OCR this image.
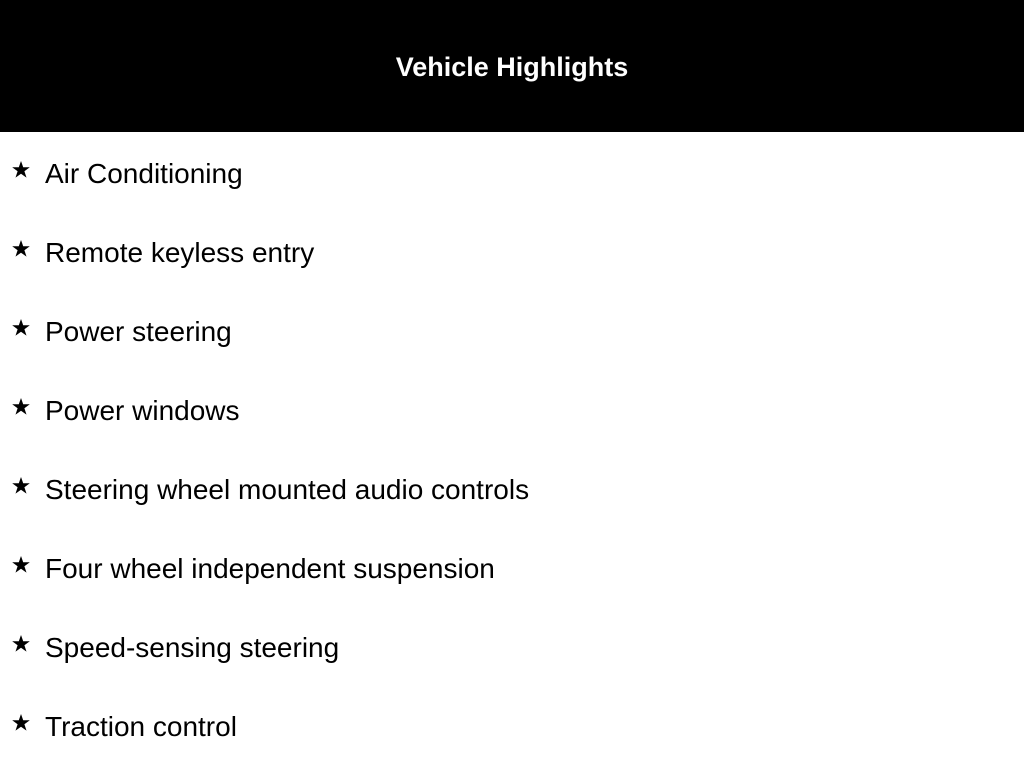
Vehicle Highlights
Air Conditioning
Remote keyless entry
Power steering
Power windows
Steering wheel mounted audio controls
Four wheel independent suspension
Speed-sensing steering
Traction control
